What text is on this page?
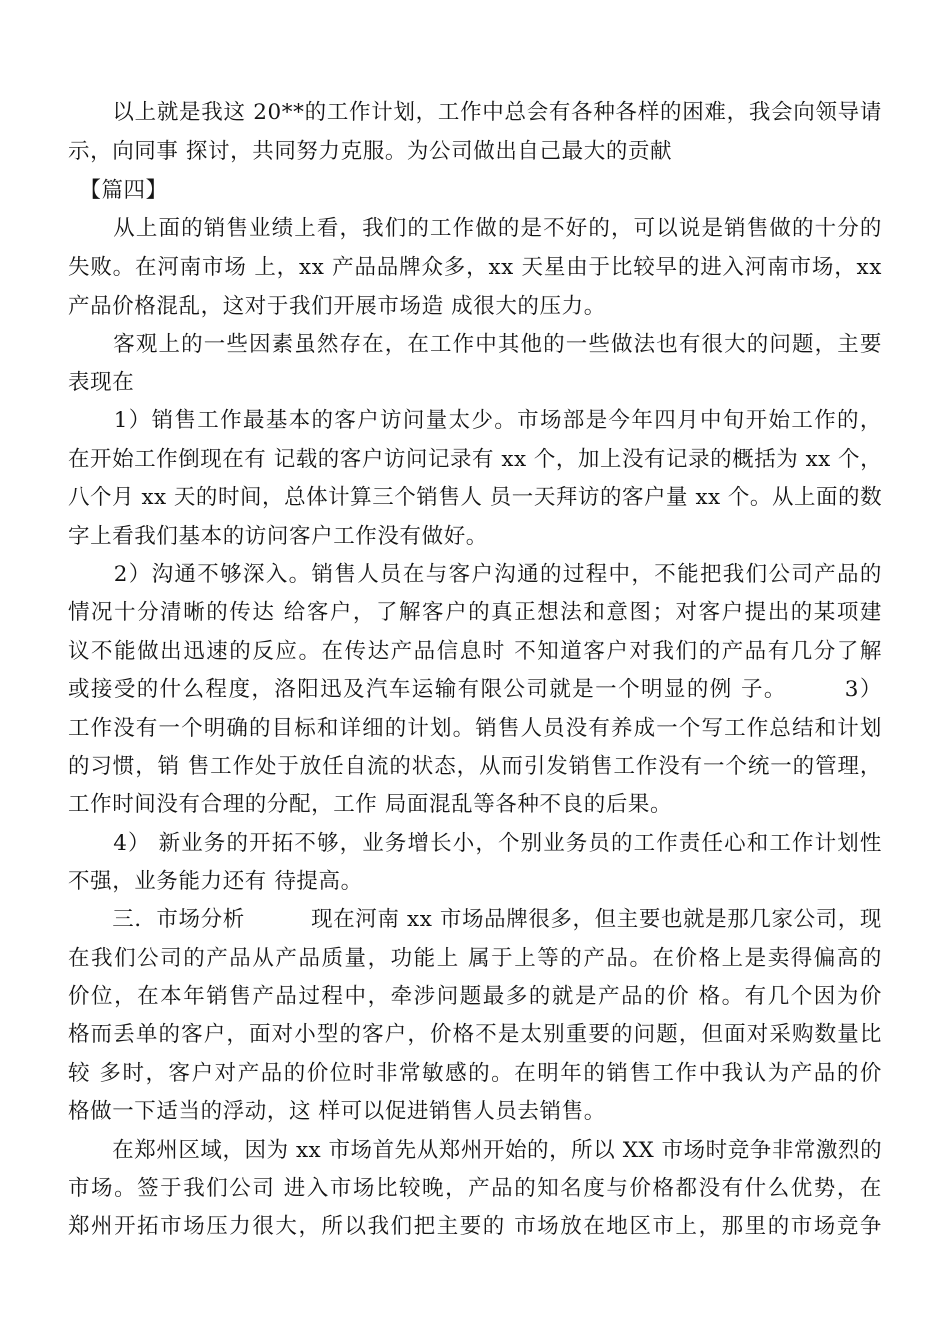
　　以上就是我这 20**的工作计划，工作中总会有各种各样的困难，我会向领导请

示，向同事 探讨，共同努力克服。为公司做出自己最大的贡献

　【篇四】

　　从上面的销售业绩上看，我们的工作做的是不好的，可以说是销售做的十分的

失败。在河南市场 上，xx 产品品牌众多，xx 天星由于比较早的进入河南市场，xx

产品价格混乱，这对于我们开展市场造 成很大的压力。

　　客观上的一些因素虽然存在，在工作中其他的一些做法也有很大的问题，主要

表现在

　　1）销售工作最基本的客户访问量太少。市场部是今年四月中旬开始工作的，

在开始工作倒现在有 记载的客户访问记录有 xx 个，加上没有记录的概括为 xx 个，

八个月 xx 天的时间，总体计算三个销售人 员一天拜访的客户量 xx 个。从上面的数

字上看我们基本的访问客户工作没有做好。

　　2）沟通不够深入。销售人员在与客户沟通的过程中，不能把我们公司产品的

情况十分清晰的传达 给客户，了解客户的真正想法和意图；对客户提出的某项建

议不能做出迅速的反应。在传达产品信息时 不知道客户对我们的产品有几分了解

或接受的什么程度，洛阳迅及汽车运输有限公司就是一个明显的例 子。　　　3）

工作没有一个明确的目标和详细的计划。销售人员没有养成一个写工作总结和计划

的习惯，销 售工作处于放任自流的状态，从而引发销售工作没有一个统一的管理，

工作时间没有合理的分配，工作 局面混乱等各种不良的后果。

　　4） 新业务的开拓不够，业务增长小，个别业务员的工作责任心和工作计划性

不强，业务能力还有 待提高。

　　三．市场分析　　　现在河南 xx 市场品牌很多，但主要也就是那几家公司，现

在我们公司的产品从产品质量，功能上 属于上等的产品。在价格上是卖得偏高的

价位，在本年销售产品过程中，牵涉问题最多的就是产品的价 格。有几个因为价

格而丢单的客户，面对小型的客户，价格不是太别重要的问题，但面对采购数量比

较 多时，客户对产品的价位时非常敏感的。在明年的销售工作中我认为产品的价

格做一下适当的浮动，这 样可以促进销售人员去销售。

　　在郑州区域，因为 xx 市场首先从郑州开始的，所以 XX 市场时竞争非常激烈的

市场。签于我们公司 进入市场比较晚，产品的知名度与价格都没有什么优势，在

郑州开拓市场压力很大，所以我们把主要的 市场放在地区市上，那里的市场竞争
